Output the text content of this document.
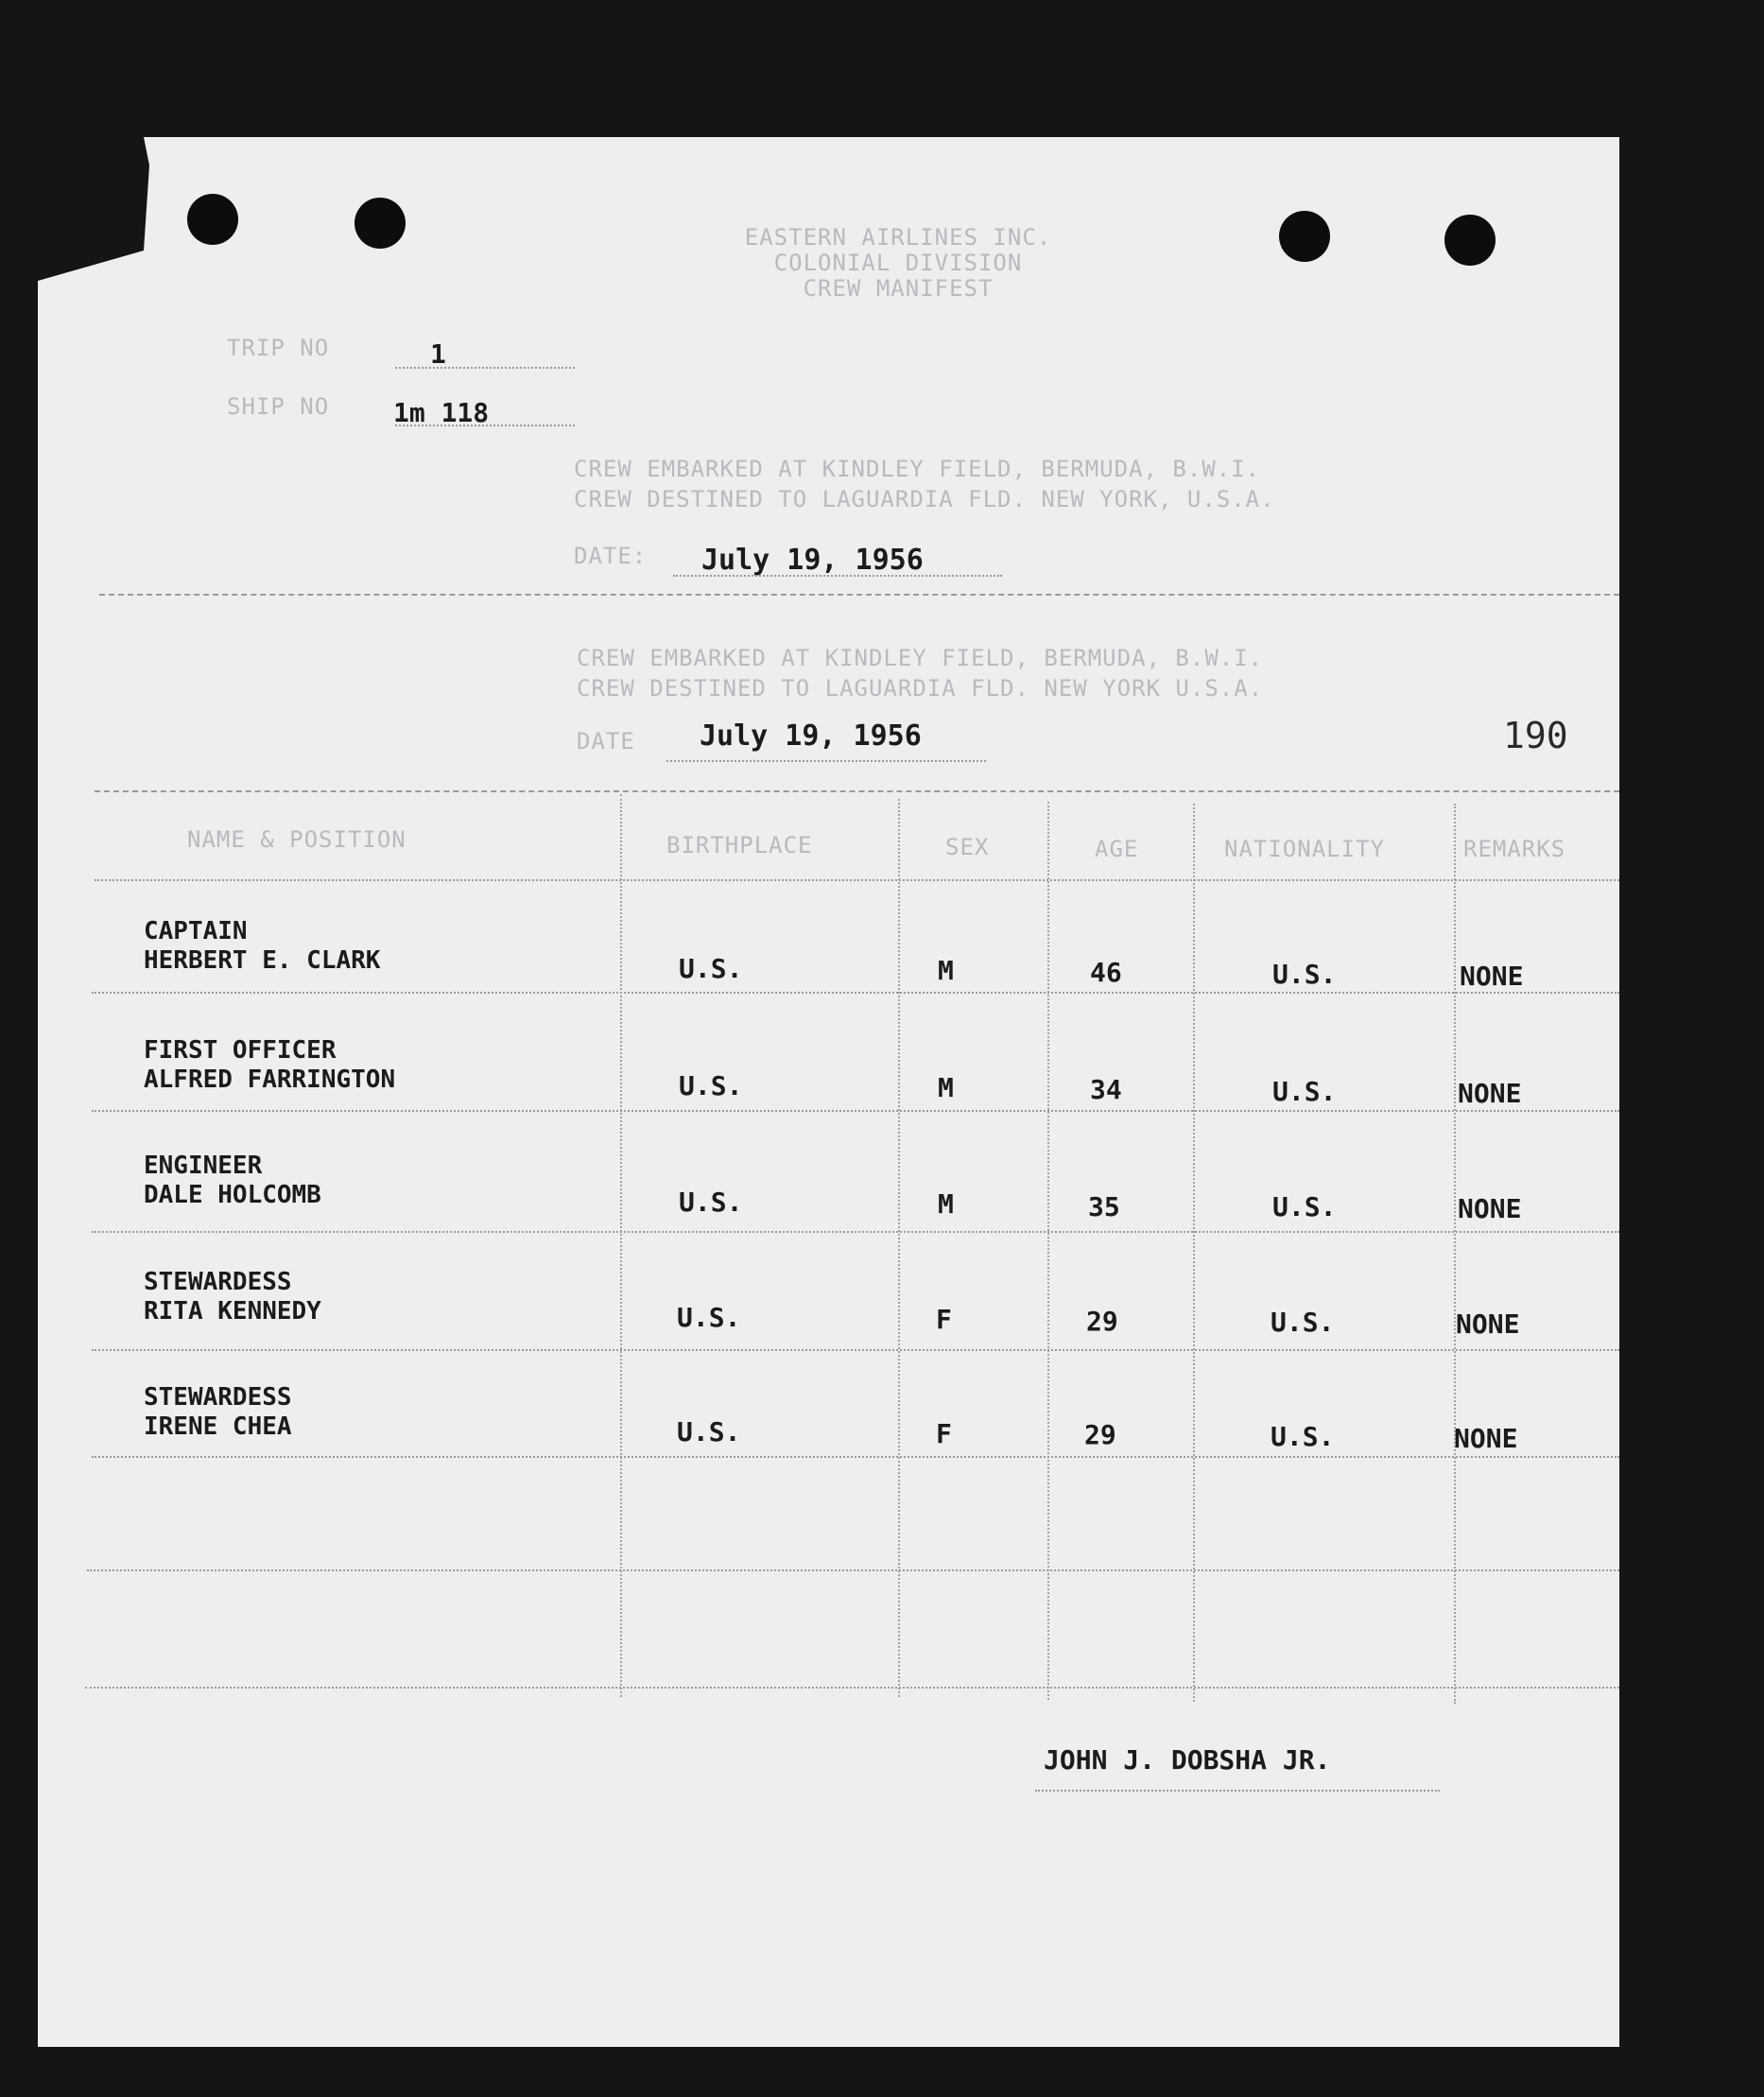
EASTERN AIRLINES INC.
COLONIAL DIVISION
CREW MANIFEST
TRIP NO	1
SHIP NO 1m 118
CREW EMBARKED AT KINDLEY FIELD, BERMUDA, B.W.I.
CREW DESTINED TO LAGUARDIA FLD. NEW YORK, U.S.A.
DATE: July 19, 1956
CREW EMBARKED AT KINDLEY FIELD, BERMUDA, B.W.I.
CREW DESTINED TO LAGUARDIA FLD. NEW YORK U.S.A.
DATE July 19, 1956	190
NAME & POSITION	BIRTHPLACE	SEX	AGE	NATIONALITY	REMARKS
CAPTAIN
HERBERT E. CLARK	U.S.	M	46	U.S.	NONE
FIRST OFFICER
ALFRED FARRINGTON	U.S.	M	34	U.S.	NONE
ENGINEER
DALE HOLCOMB	U.S.	M	35	U.S.	NONE
STEWARDESS
RITA KENNEDY	U.S.	F	29	U.S.	NONE
STEWARDESS
IRENE CHEA	U.S.	F	29	U.S.	NONE
JOHN J. DOBSHA JR.
